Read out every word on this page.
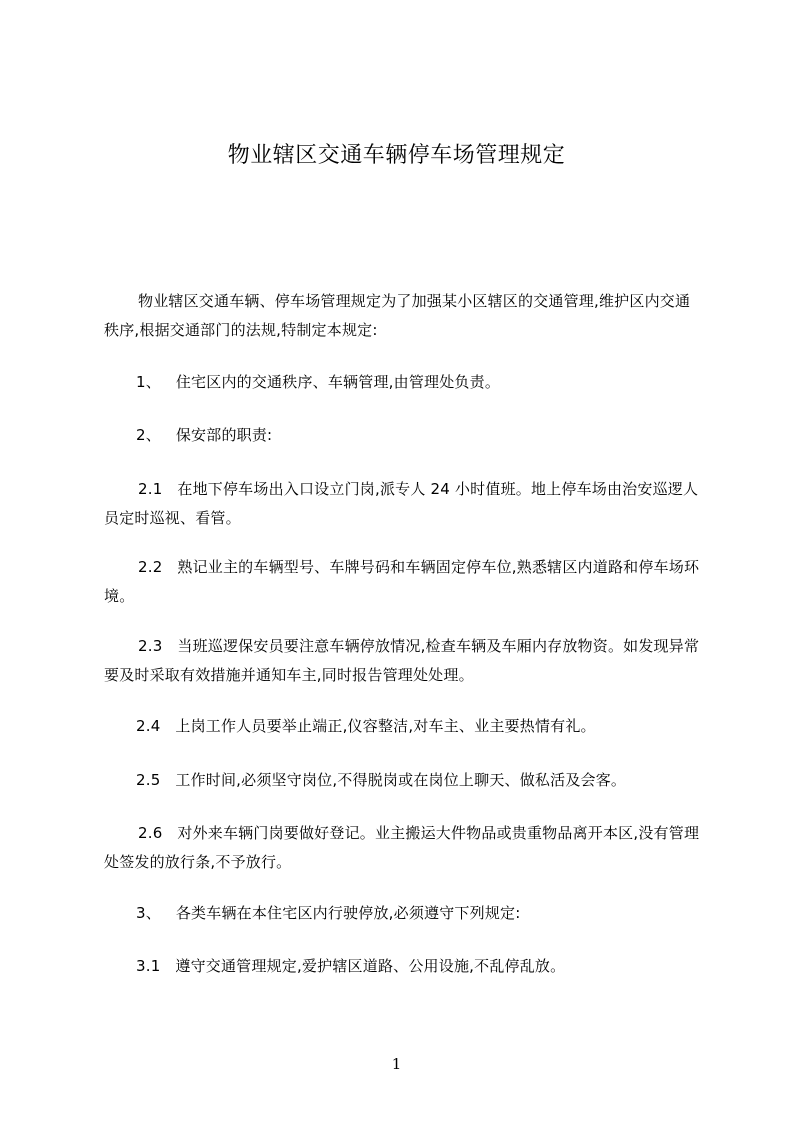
物业辖区交通车辆停车场管理规定
物业辖区交通车辆、停车场管理规定为了加强某小区辖区的交通管理,维护区内交通秩序,根据交通部门的法规,特制定本规定:
1、 住宅区内的交通秩序、车辆管理,由管理处负责。
2、 保安部的职责:
2.1 在地下停车场出入口设立门岗,派专人 24 小时值班。地上停车场由治安巡逻人员定时巡视、看管。
2.2 熟记业主的车辆型号、车牌号码和车辆固定停车位,熟悉辖区内道路和停车场环境。
2.3 当班巡逻保安员要注意车辆停放情况,检查车辆及车厢内存放物资。如发现异常要及时采取有效措施并通知车主,同时报告管理处处理。
2.4 上岗工作人员要举止端正,仪容整洁,对车主、业主要热情有礼。
2.5 工作时间,必须坚守岗位,不得脱岗或在岗位上聊天、做私活及会客。
2.6 对外来车辆门岗要做好登记。业主搬运大件物品或贵重物品离开本区,没有管理处签发的放行条,不予放行。
3、 各类车辆在本住宅区内行驶停放,必须遵守下列规定:
3.1 遵守交通管理规定,爱护辖区道路、公用设施,不乱停乱放。
1
